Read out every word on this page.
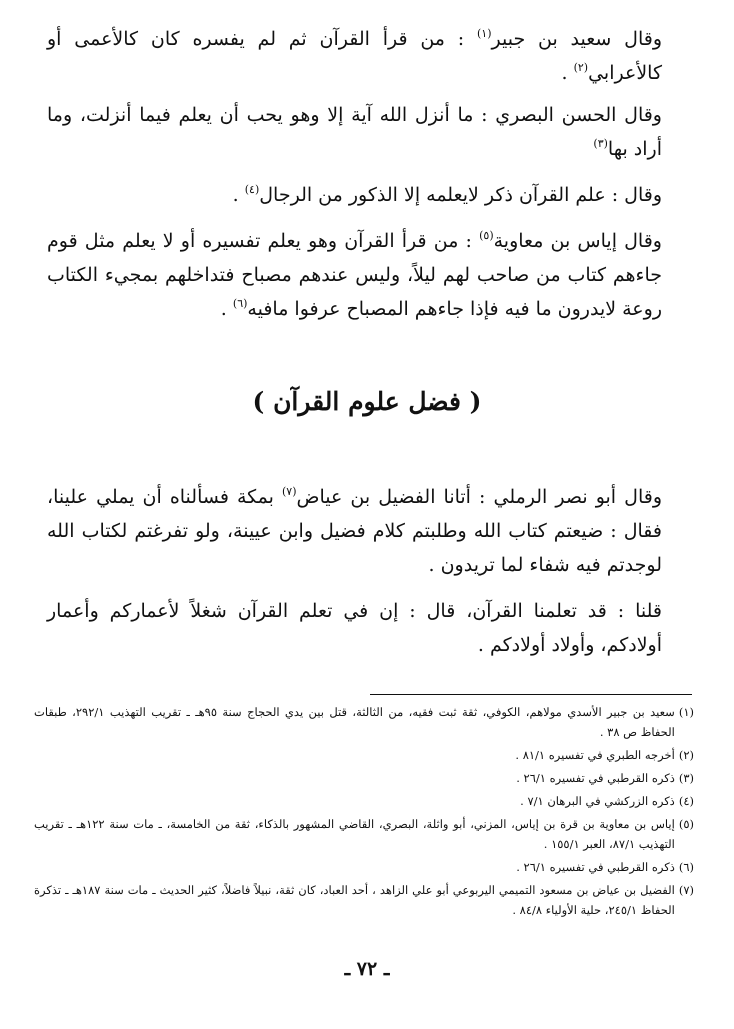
وقال سعيد بن جبير$^{(١)}$ : من قرأ القرآن ثم لم يفسره كان كالأعمى أو كالأعرابي$^{(٢)}$ .

وقال الحسن البصري : ما أنزل الله آية إلا وهو يحب أن يعلم فيما أنزلت، وما أراد بها$^{(٣)}$

وقال : علم القرآن ذكر لايعلمه إلا الذكور من الرجال$^{(٤)}$ .

وقال إياس بن معاوية$^{(٥)}$ : من قرأ القرآن وهو يعلم تفسيره أو لا يعلم مثل قوم جاءهم كتاب من صاحب لهم ليلاً، وليس عندهم مصباح فتداخلهم بمجيء الكتاب روعة لايدرون ما فيه فإذا جاءهم المصباح عرفوا مافيه$^{(٦)}$ .

( فضل علوم القرآن )

وقال أبو نصر الرملي : أتانا الفضيل بن عياض$^{(٧)}$ بمكة فسألناه أن يملي علينا، فقال : ضيعتم كتاب الله وطلبتم كلام فضيل وابن عيينة، ولو تفرغتم لكتاب الله لوجدتم فيه شفاء لما تريدون .

قلنا : قد تعلمنا القرآن، قال : إن في تعلم القرآن شغلاً لأعماركم وأعمار أولادكم، وأولاد أولادكم .

(١)
سعيد بن جبير الأسدي مولاهم، الكوفي، ثقة ثبت فقيه، من الثالثة، قتل بين يدي الحجاج سنة ٩٥هـ ـ تقريب التهذيب ٢٩٢/١، طبقات الحفاظ ص ٣٨ .
(٢)
أخرجه الطبري في تفسيره ٨١/١ .
(٣)
ذكره القرطبي في تفسيره ٢٦/١ .
(٤)
ذكره الزركشي في البرهان ٧/١ .
(٥)
إياس بن معاوية بن قرة بن إياس، المزني، أبو واثلة، البصري، القاضي المشهور بالذكاء، ثقة من الخامسة، ـ مات سنة ١٢٢هـ ـ تقريب التهذيب ٨٧/١، العبر ١٥٥/١ .
(٦)
ذكره القرطبي في تفسيره ٢٦/١ .
(٧)
الفضيل بن عياض بن مسعود التميمي اليربوعي أبو علي الزاهد ، أحد العباد، كان ثقة، نبيلاً فاضلاً، كثير الحديث ـ مات سنة ١٨٧هـ ـ تذكرة الحفاظ ٢٤٥/١، حلية الأولياء ٨٤/٨ .
ـ ٧٢ ـ
